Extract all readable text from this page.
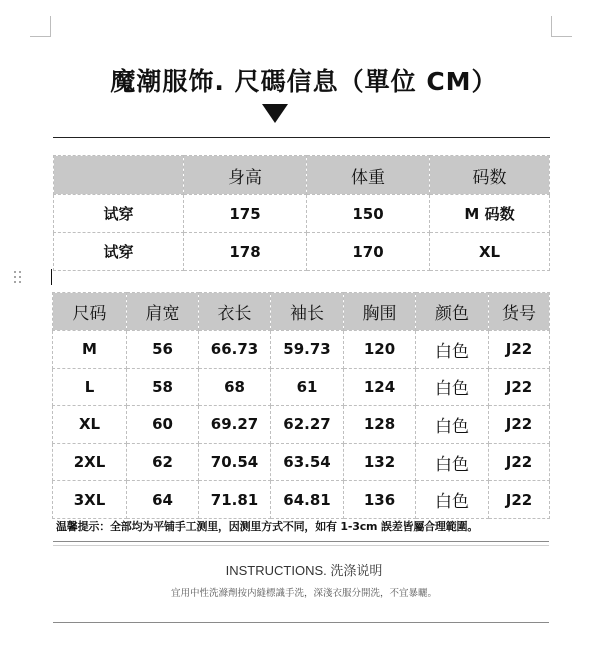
魔潮服饰. 尺碼信息（單位 CM）
	身高	体重	码数
试穿	175	150	M 码数
试穿	178	170	XL
尺码	肩宽	衣长	袖长	胸围	颜色	货号
M	56	66.73	59.73	120	白色	J22
L	58	68	61	124	白色	J22
XL	60	69.27	62.27	128	白色	J22
2XL	62	70.54	63.54	132	白色	J22
3XL	64	71.81	64.81	136	白色	J22
温馨提示：全部均为平铺手工测里，因测里方式不同，如有 1-3cm 誤差皆屬合理範圍。
INSTRUCTIONS. 洗涤说明
宜用中性洗滌劑按内縫標識手洗，深淺衣服分開洗，不宜暴曬。
